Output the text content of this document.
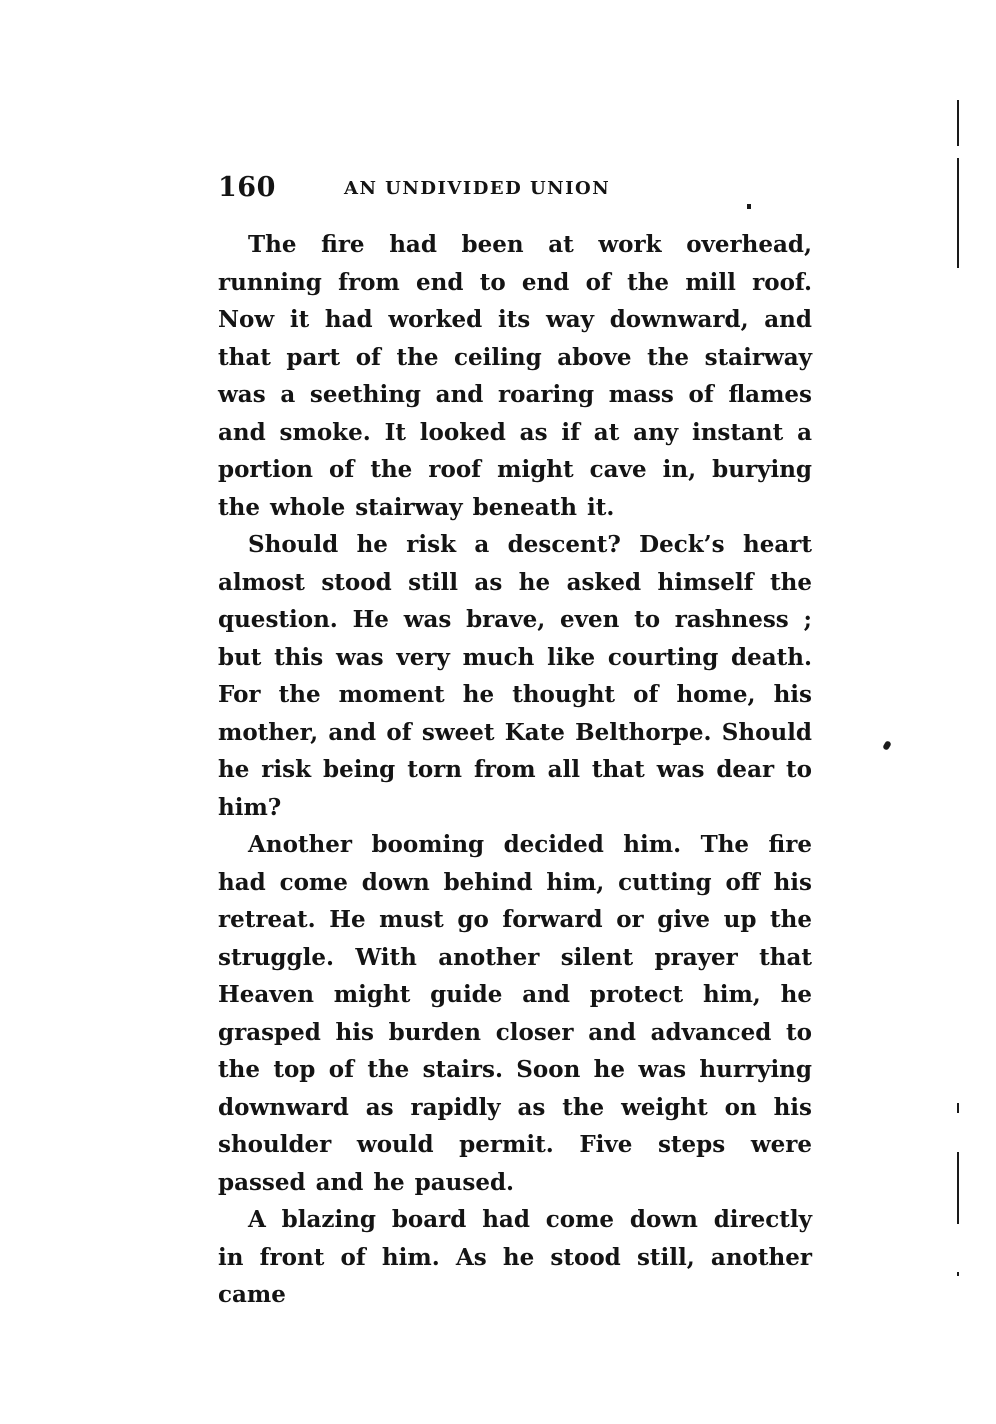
160	AN UNDIVIDED UNION

The fire had been at work overhead, running from end to end of the mill roof. Now it had worked its way downward, and that part of the ceiling above the stairway was a seething and roaring mass of flames and smoke. It looked as if at any instant a portion of the roof might cave in, burying the whole stairway beneath it.

Should he risk a descent? Deck’s heart almost stood still as he asked himself the question. He was brave, even to rashness ; but this was very much like courting death. For the moment he thought of home, his mother, and of sweet Kate Belthorpe. Should he risk being torn from all that was dear to him?

Another booming decided him. The fire had come down behind him, cutting off his retreat. He must go forward or give up the struggle. With another silent prayer that Heaven might guide and protect him, he grasped his burden closer and advanced to the top of the stairs. Soon he was hurrying downward as rapidly as the weight on his shoulder would permit. Five steps were passed and he paused.

A blazing board had come down directly in front of him. As he stood still, another came
